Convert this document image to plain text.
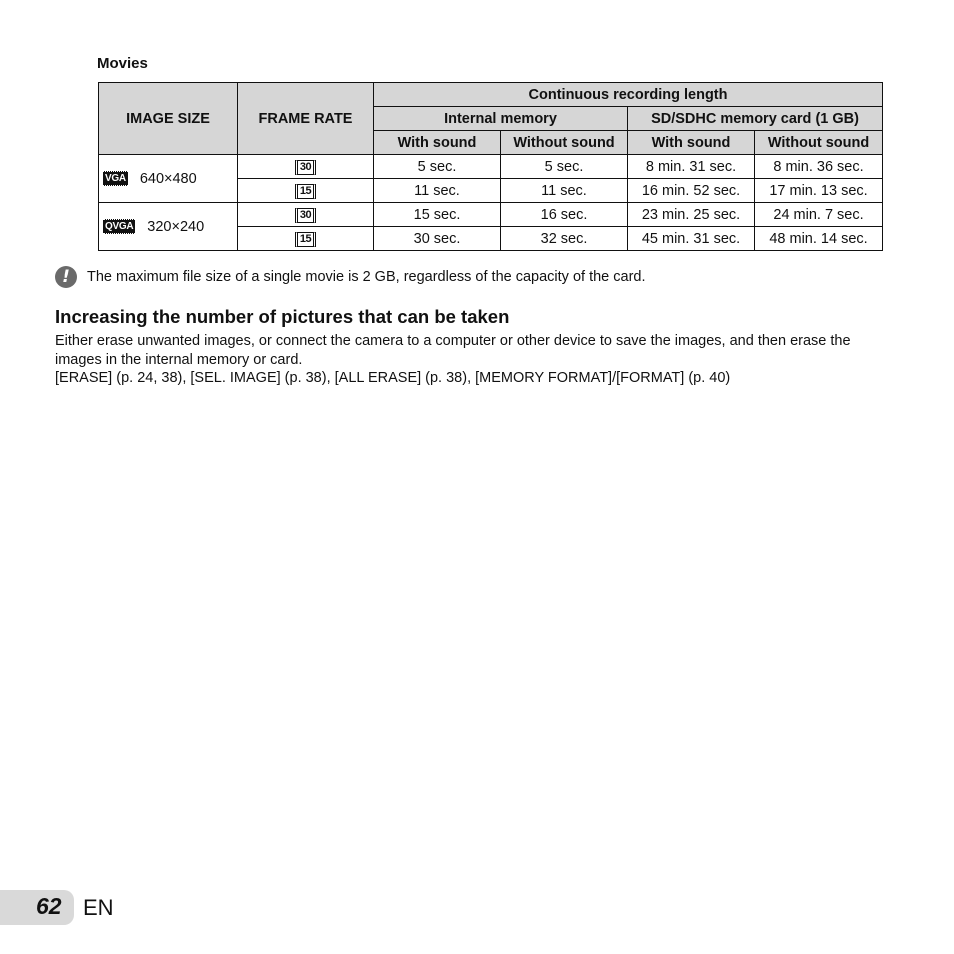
Movies
IMAGE SIZE	FRAME RATE	Continuous recording length			
		Internal memory		SD/SDHC memory card (1 GB)	
		With sound	Without sound	With sound	Without sound
VGA 640×480	30	5 sec.	5 sec.	8 min. 31 sec.	8 min. 36 sec.
	15	11 sec.	11 sec.	16 min. 52 sec.	17 min. 13 sec.
QVGA 320×240	30	15 sec.	16 sec.	23 min. 25 sec.	24 min. 7 sec.
	15	30 sec.	32 sec.	45 min. 31 sec.	48 min. 14 sec.
!	The maximum file size of a single movie is 2 GB, regardless of the capacity of the card.
Increasing the number of pictures that can be taken

Either erase unwanted images, or connect the camera to a computer or other device to save the images, and then erase the images in the internal memory or card.

[ERASE] (p. 24, 38), [SEL. IMAGE] (p. 38), [ALL ERASE] (p. 38), [MEMORY FORMAT]/[FORMAT] (p. 40)

62 EN
